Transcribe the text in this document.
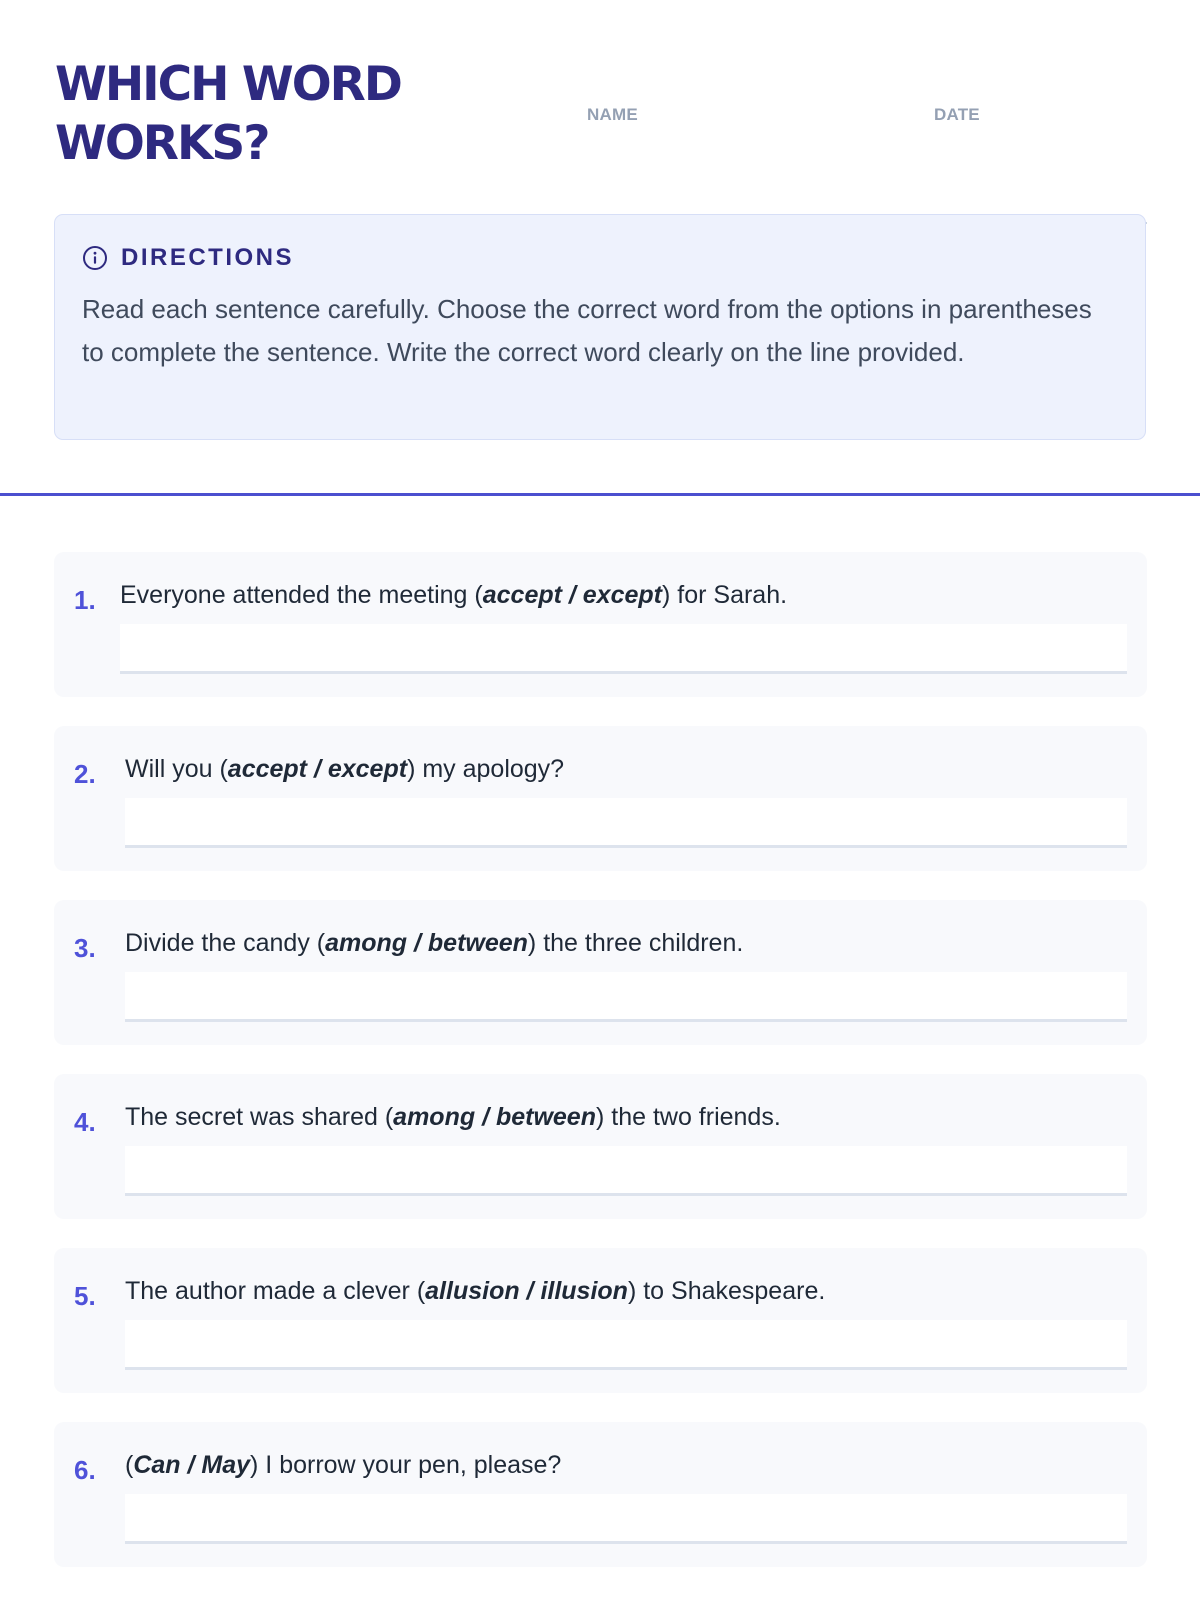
WHICH WORD
WORKS?
NAME	DATE
DIRECTIONS

Read each sentence carefully. Choose the correct word from the options in parentheses to complete the sentence. Write the correct word clearly on the line provided.

1. Everyone attended the meeting (accept / except) for Sarah.
2. Will you (accept / except) my apology?
3. Divide the candy (among / between) the three children.
4. The secret was shared (among / between) the two friends.
5. The author made a clever (allusion / illusion) to Shakespeare.
6. (Can / May) I borrow your pen, please?
